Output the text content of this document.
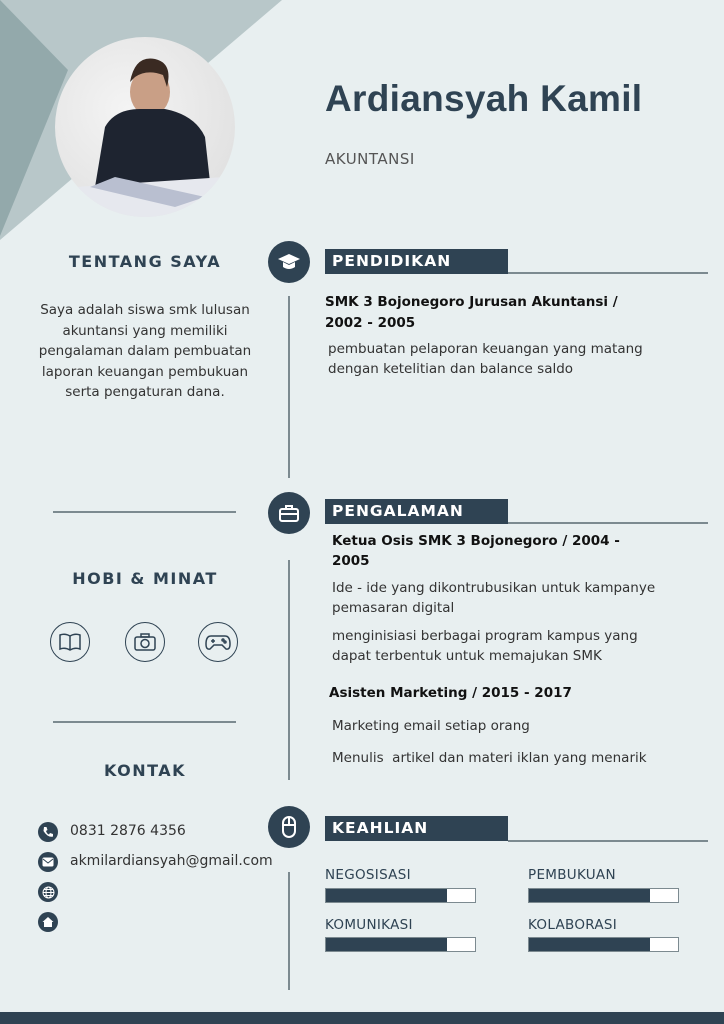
Ardiansyah Kamil
AKUNTANSI
TENTANG SAYA
Saya adalah siswa smk lulusan akuntansi yang memiliki pengalaman dalam pembuatan laporan keuangan pembukuan serta pengaturan dana.
HOBI & MINAT
KONTAK
0831 2876 4356
akmilardiansyah@gmail.com
PENDIDIKAN
SMK 3 Bojonegoro Jurusan Akuntansi /
2002 - 2005
pembuatan pelaporan keuangan yang matang
dengan ketelitian dan balance saldo
PENGALAMAN
Ketua Osis SMK 3 Bojonegoro / 2004 -
2005
Ide - ide yang dikontrubusikan untuk kampanye pemasaran digital
menginisiasi berbagai program kampus yang dapat terbentuk untuk memajukan SMK
Asisten Marketing / 2015 - 2017
Marketing email setiap orang
Menulis  artikel dan materi iklan yang menarik
KEAHLIAN
NEGOSISASI	PEMBUKUAN
KOMUNIKASI	KOLABORASI
